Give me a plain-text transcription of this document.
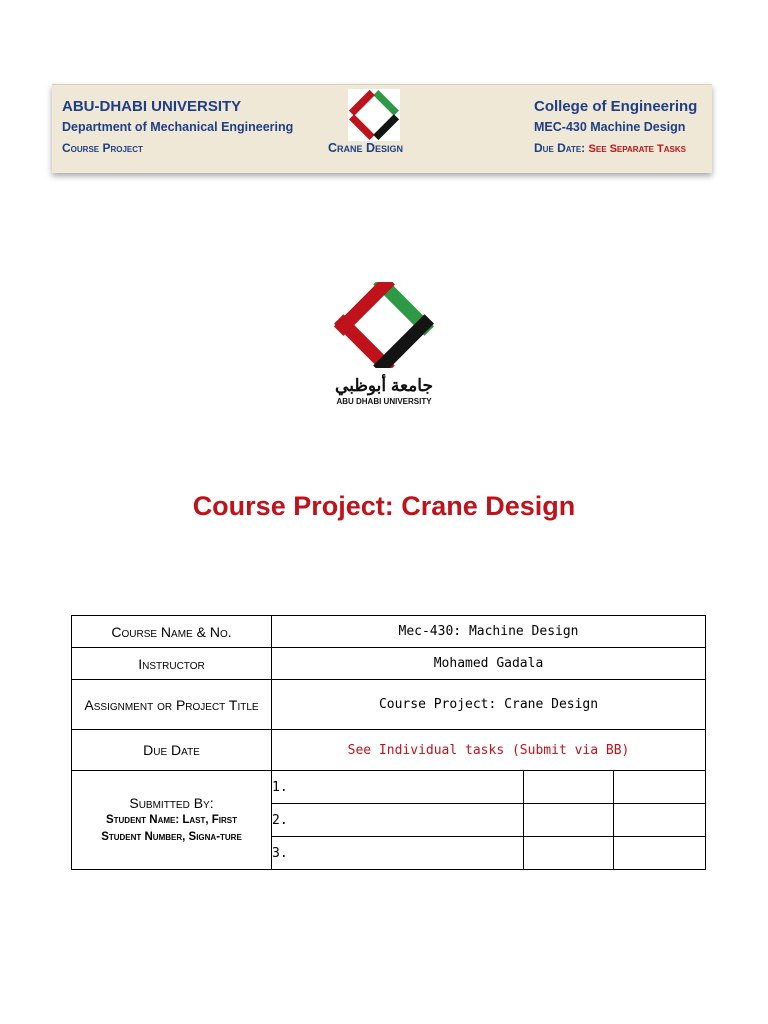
ABU-DHABI UNIVERSITY
Department of Mechanical Engineering
Course Project	Crane Design
College of Engineering
MEC-430 Machine Design
Due Date: See Separate Tasks
جامعة أبوظبي
ABU DHABI UNIVERSITY
Course Project: Crane Design
Course Name & No.	Mec-430: Machine Design		
Instructor	Mohamed Gadala		
Assignment or Project Title	Course Project: Crane Design		
Due Date	See Individual tasks (Submit via BB)		

Submitted By:
Student Name: Last, First
Student Number, Signa-ture	1.		
	2.		
	3.		
